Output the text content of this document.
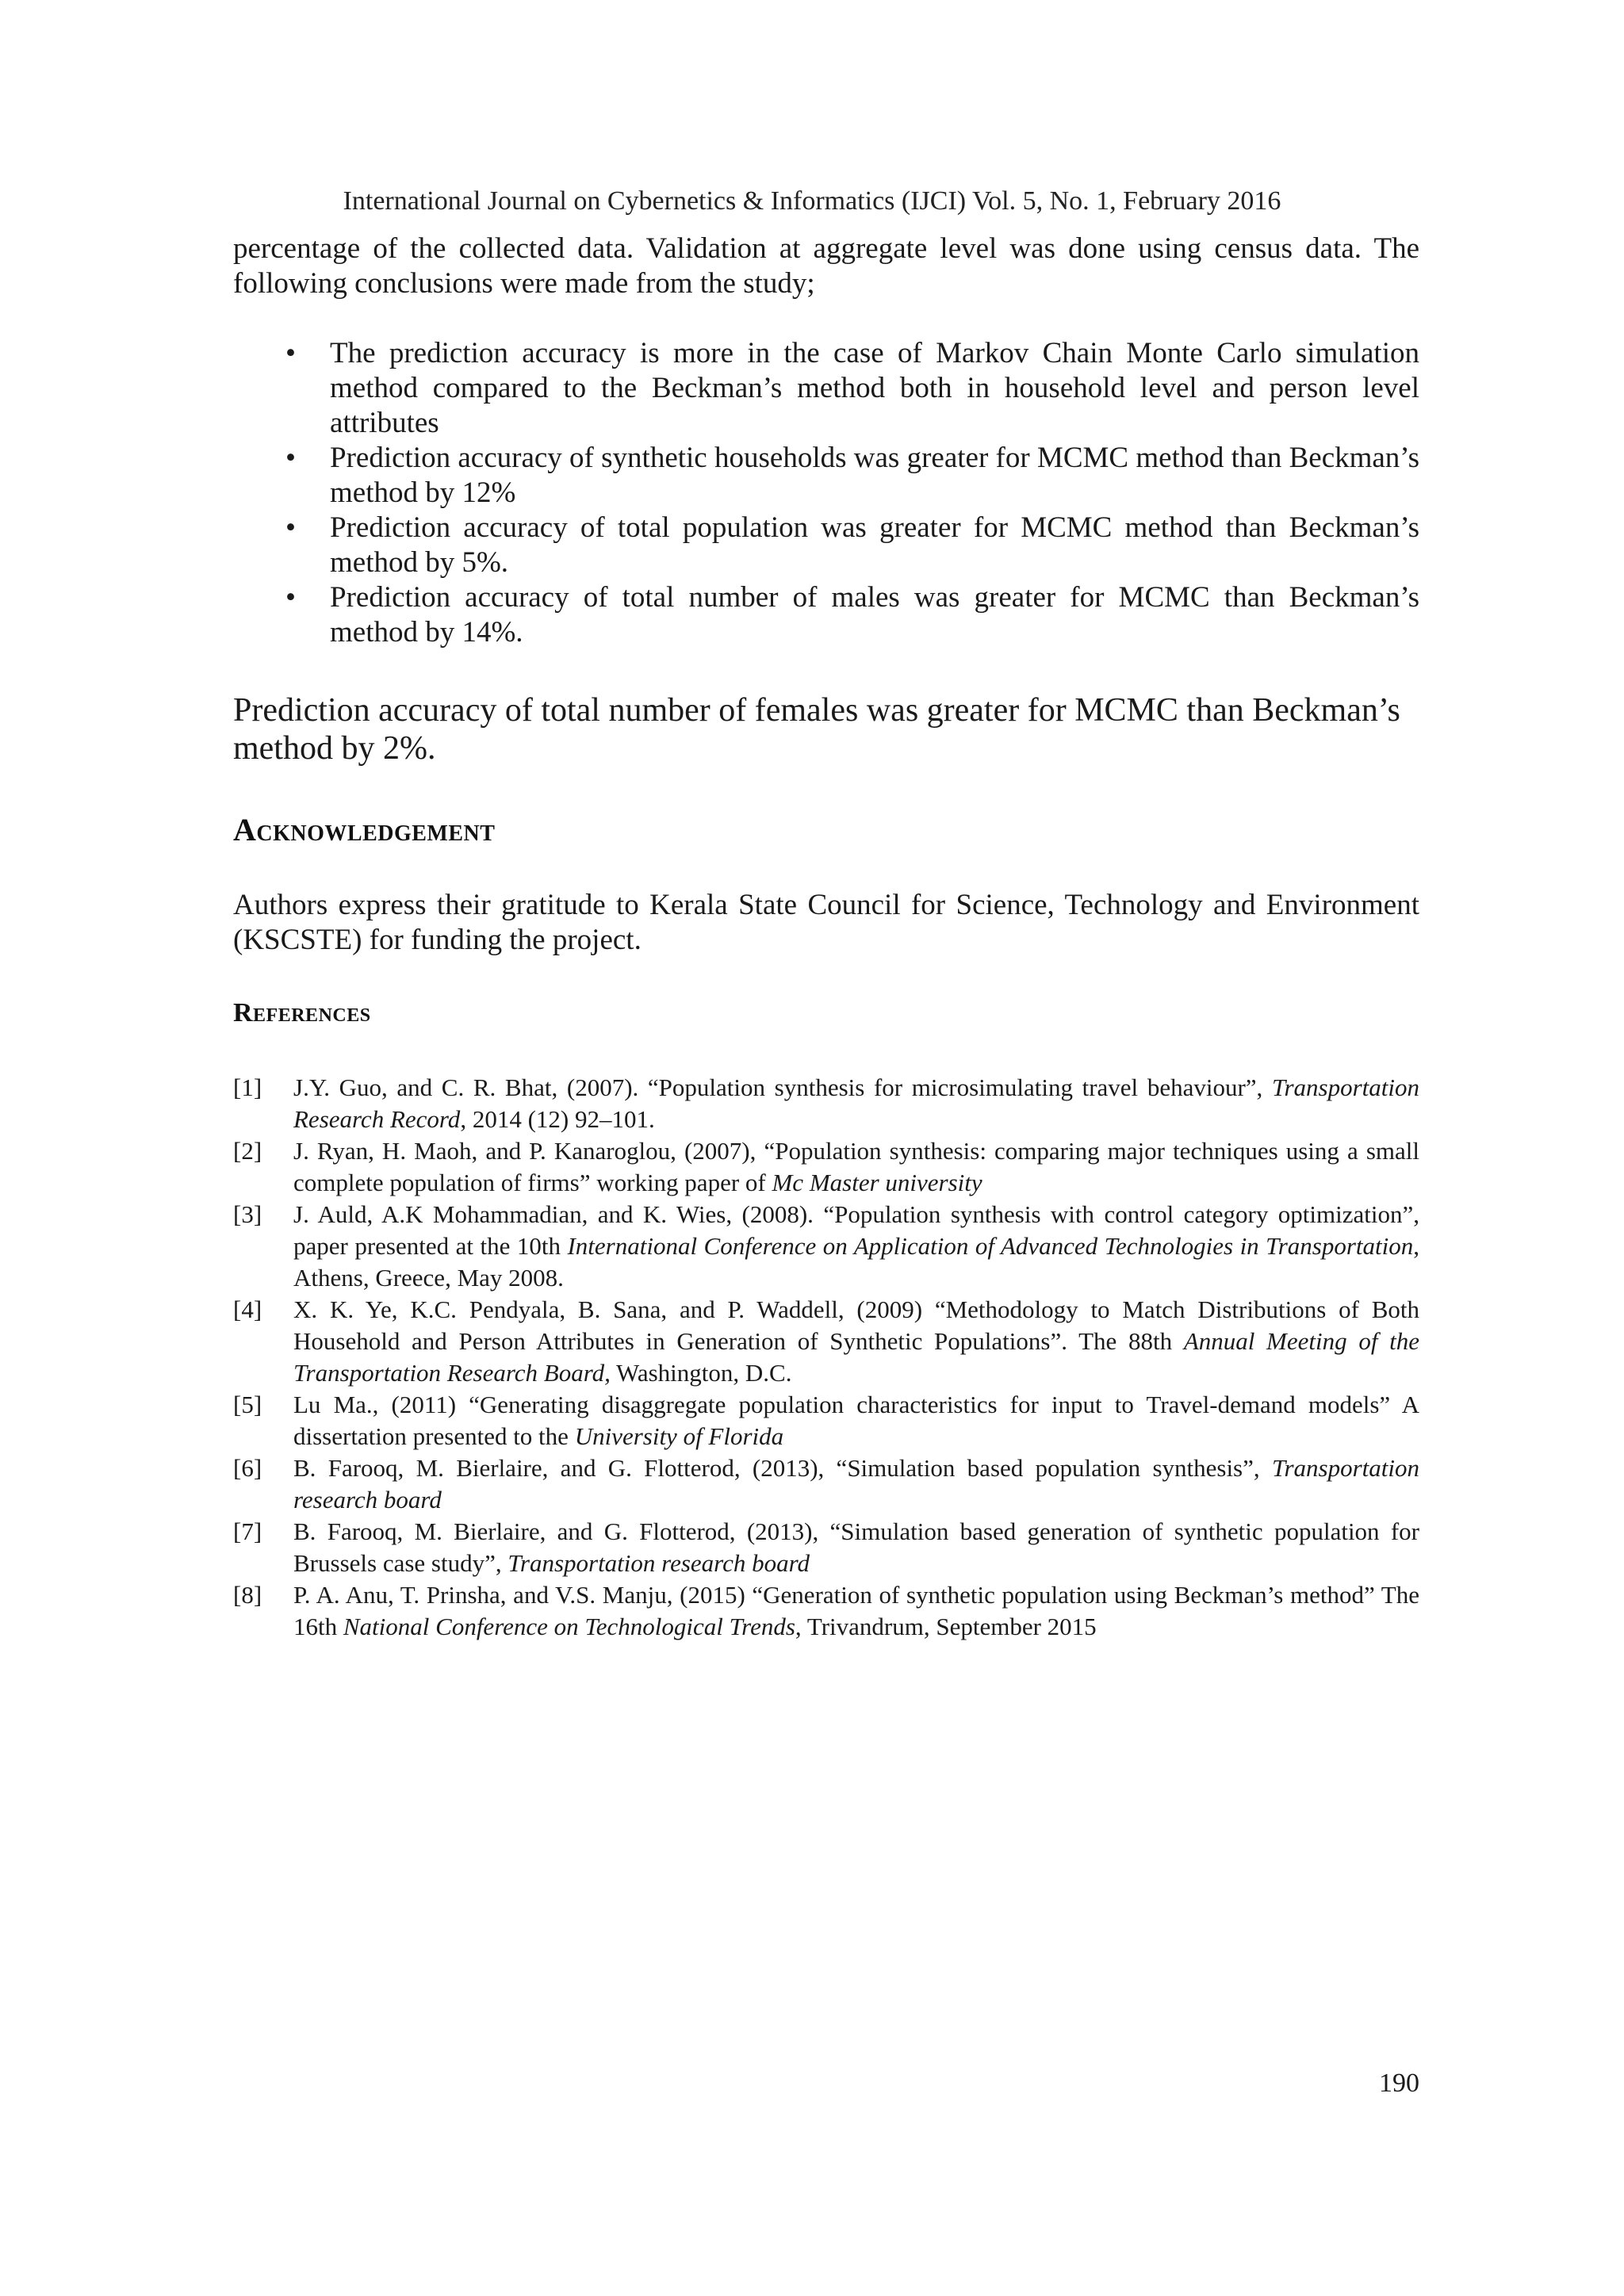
International Journal on Cybernetics & Informatics (IJCI) Vol. 5, No. 1, February 2016

percentage of the collected data. Validation at aggregate level was done using census data. The following conclusions were made from the study;

• The prediction accuracy is more in the case of Markov Chain Monte Carlo simulation method compared to the Beckman’s method both in household level and person level attributes
• Prediction accuracy of synthetic households was greater for MCMC method than Beckman’s method by 12%
• Prediction accuracy of total population was greater for MCMC method than Beckman’s method by 5%.
• Prediction accuracy of total number of males was greater for MCMC than Beckman’s method by 14%.

Prediction accuracy of total number of females was greater for MCMC than Beckman’s method by 2%.

Acknowledgement

Authors express their gratitude to Kerala State Council for Science, Technology and Environment (KSCSTE) for funding the project.

References
[1] J.Y. Guo, and C. R. Bhat, (2007). “Population synthesis for microsimulating travel behaviour”, Transportation Research Record, 2014 (12) 92–101.
[2] J. Ryan, H. Maoh, and P. Kanaroglou, (2007), “Population synthesis: comparing major techniques using a small complete population of firms” working paper of Mc Master university
[3] J. Auld, A.K Mohammadian, and K. Wies, (2008). “Population synthesis with control category optimization”, paper presented at the 10th International Conference on Application of Advanced Technologies in Transportation, Athens, Greece, May 2008.
[4] X. K. Ye, K.C. Pendyala, B. Sana, and P. Waddell, (2009) “Methodology to Match Distributions of Both Household and Person Attributes in Generation of Synthetic Populations”. The 88th Annual Meeting of the Transportation Research Board, Washington, D.C.
[5] Lu Ma., (2011) “Generating disaggregate population characteristics for input to Travel-demand models” A dissertation presented to the University of Florida
[6] B. Farooq, M. Bierlaire, and G. Flotterod, (2013), “Simulation based population synthesis”, Transportation research board
[7] B. Farooq, M. Bierlaire, and G. Flotterod, (2013), “Simulation based generation of synthetic population for Brussels case study”, Transportation research board
[8] P. A. Anu, T. Prinsha, and V.S. Manju, (2015) “Generation of synthetic population using Beckman’s method” The 16th National Conference on Technological Trends, Trivandrum, September 2015
190
